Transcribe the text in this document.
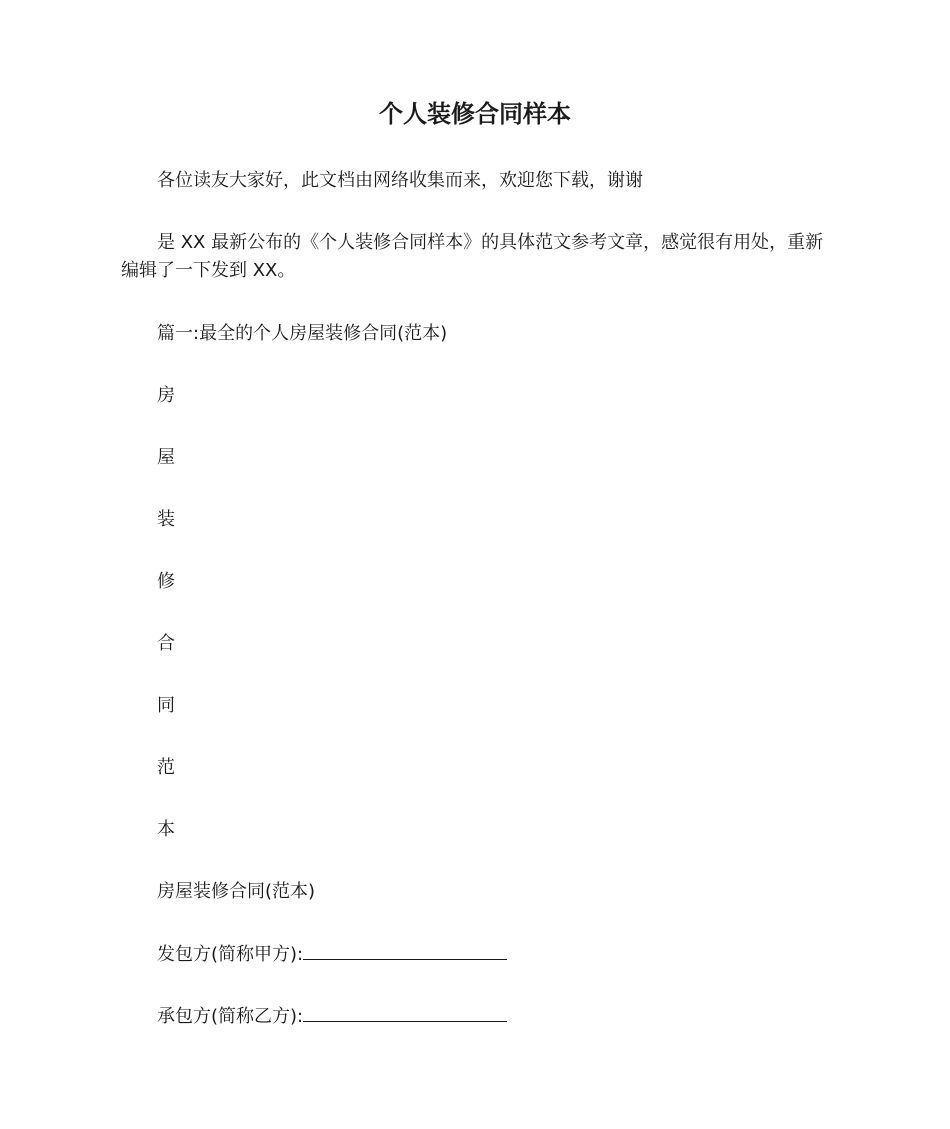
个人装修合同样本

各位读友大家好，此文档由网络收集而来，欢迎您下载，谢谢

是 XX 最新公布的《个人装修合同样本》的具体范文参考文章，感觉很有用处，重新编辑了一下发到 XX。

篇一:最全的个人房屋装修合同(范本)

房

屋

装

修

合

同

范

本

房屋装修合同(范本)

发包方(简称甲方):

承包方(简称乙方):
